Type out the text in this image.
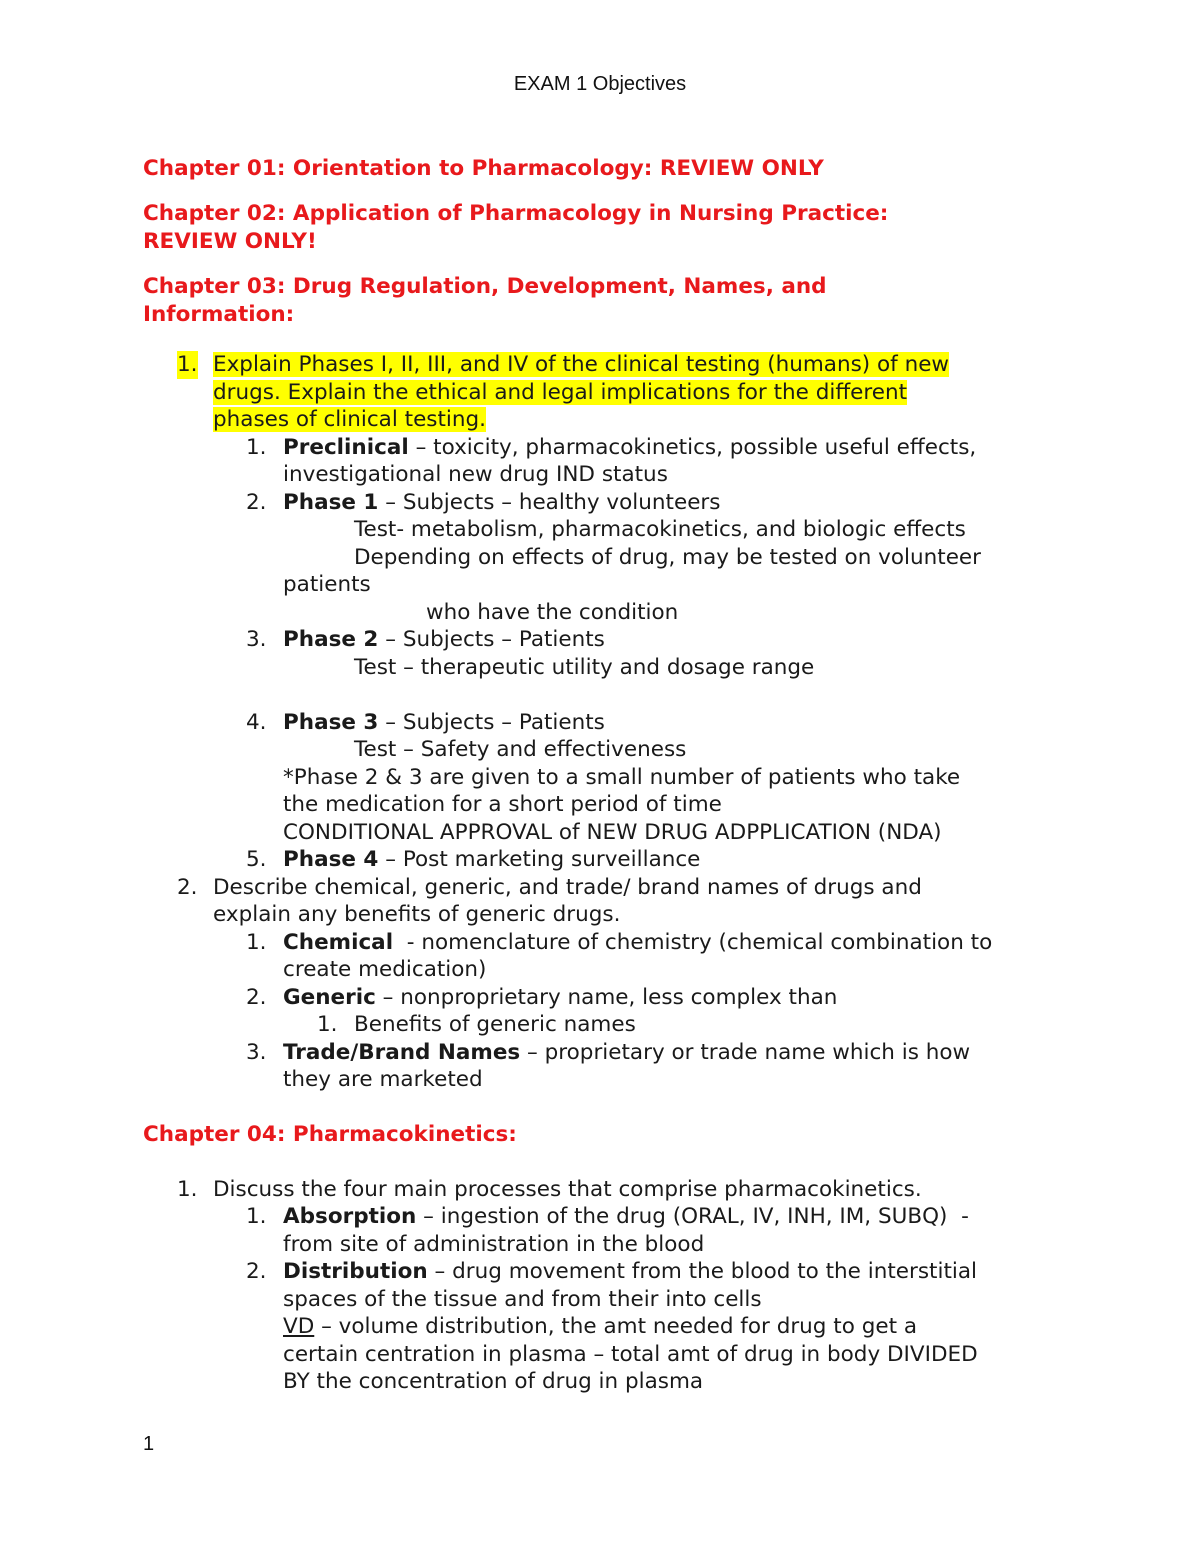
EXAM 1 Objectives

Chapter 01: Orientation to Pharmacology: REVIEW ONLY

Chapter 02: Application of Pharmacology in Nursing Practice:
REVIEW ONLY!

Chapter 03: Drug Regulation, Development, Names, and
Information:

1. Explain Phases I, II, III, and IV of the clinical testing (humans) of new
drugs. Explain the ethical and legal implications for the different
phases of clinical testing.
1. Preclinical – toxicity, pharmacokinetics, possible useful effects,
investigational new drug IND status
2. Phase 1 – Subjects – healthy volunteers
Test- metabolism, pharmacokinetics, and biologic effects
Depending on effects of drug, may be tested on volunteer
patients
who have the condition
3. Phase 2 – Subjects – Patients
Test – therapeutic utility and dosage range
4. Phase 3 – Subjects – Patients
Test – Safety and effectiveness
*Phase 2 & 3 are given to a small number of patients who take
the medication for a short period of time
CONDITIONAL APPROVAL of NEW DRUG ADPPLICATION (NDA)
5. Phase 4 – Post marketing surveillance
2. Describe chemical, generic, and trade/ brand names of drugs and
explain any benefits of generic drugs.
1. Chemical  - nomenclature of chemistry (chemical combination to
create medication)
2. Generic – nonproprietary name, less complex than
1. Benefits of generic names
3. Trade/Brand Names – proprietary or trade name which is how
they are marketed

Chapter 04: Pharmacokinetics:

1. Discuss the four main processes that comprise pharmacokinetics.
1. Absorption – ingestion of the drug (ORAL, IV, INH, IM, SUBQ)  -
from site of administration in the blood
2. Distribution – drug movement from the blood to the interstitial
spaces of the tissue and from their into cells
VD – volume distribution, the amt needed for drug to get a
certain centration in plasma – total amt of drug in body DIVIDED
BY the concentration of drug in plasma
1
